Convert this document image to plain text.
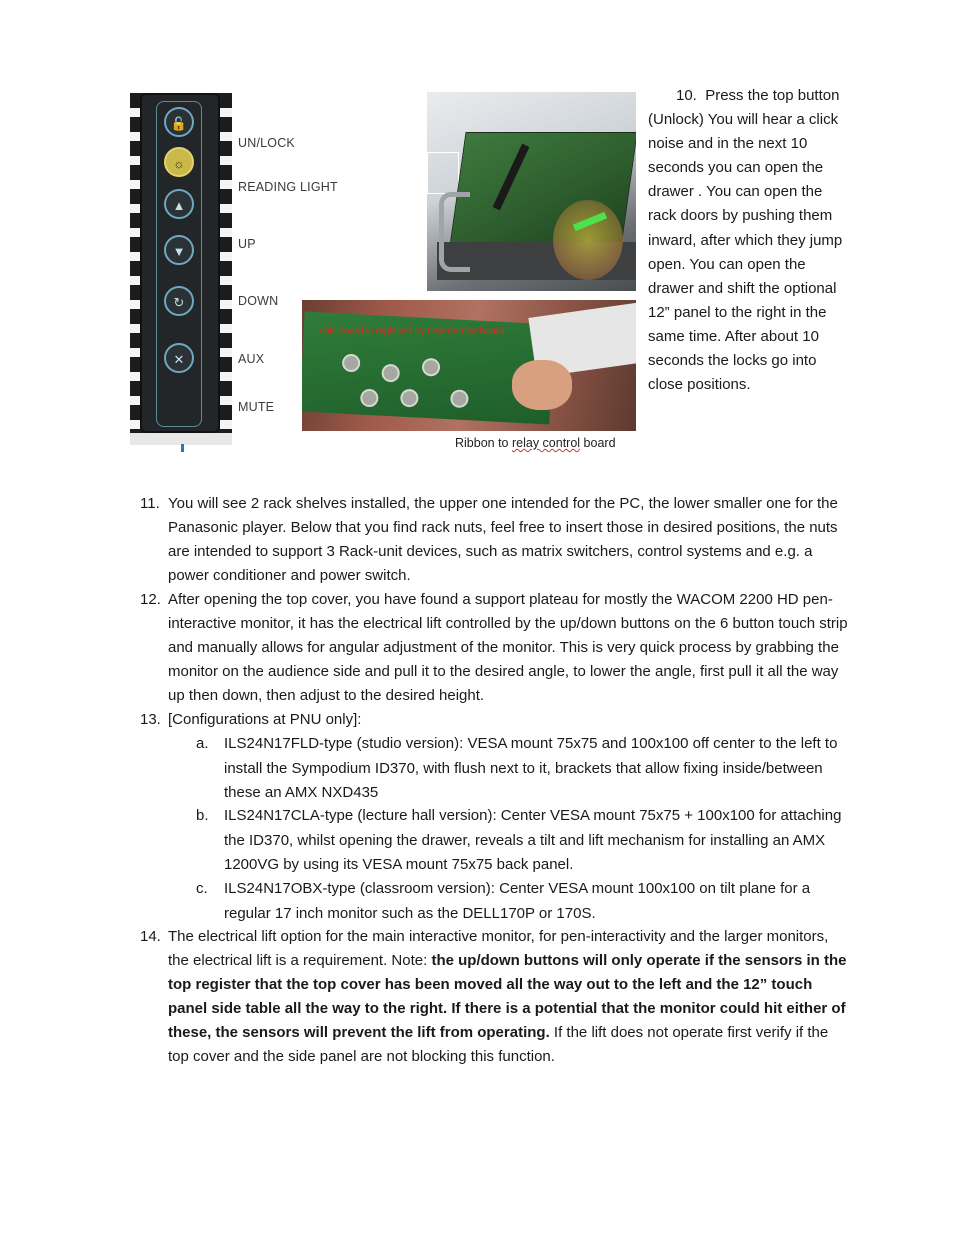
🔓
☼
▲
▼
↻
✕
UN/LOCK
READING LIGHT
UP
DOWN
AUX
MUTE
This board is replaced by new narrow board
Ribbon to relay control board

10. Press the top button (Unlock) You will hear a click noise and in the next 10 seconds you can open the drawer . You can open the rack doors by pushing them inward, after which they jump open. You can open the drawer and shift the optional 12” panel to the right in the same time. After about 10 seconds the locks go into close positions.

11. You will see 2 rack shelves installed, the upper one intended for the PC, the lower smaller one for the Panasonic player. Below that you find rack nuts, feel free to insert those in desired positions, the nuts are intended to support 3 Rack-unit devices, such as matrix switchers, control systems and e.g. a power conditioner and power switch.
12. After opening the top cover, you have found a support plateau for mostly the WACOM 2200 HD pen-interactive monitor, it has the electrical lift controlled by the up/down buttons on the 6 button touch strip and manually allows for angular adjustment of the monitor. This is very quick process by grabbing the monitor on the audience side and pull it to the desired angle, to lower the angle, first pull it all the way up then down, then adjust to the desired height.
13. [Configurations at PNU only]:
a. ILS24N17FLD-type (studio version): VESA mount 75x75 and 100x100 off center to the left to install the Sympodium ID370, with flush next to it, brackets that allow fixing inside/between these an AMX NXD435
b. ILS24N17CLA-type (lecture hall version): Center VESA mount 75x75 + 100x100 for attaching the ID370, whilst opening the drawer, reveals a tilt and lift mechanism for installing an AMX 1200VG by using its VESA mount 75x75 back panel.
c. ILS24N17OBX-type (classroom version): Center VESA mount 100x100 on tilt plane for a regular 17 inch monitor such as the DELL170P or 170S.
14. The electrical lift option for the main interactive monitor, for pen-interactivity and the larger monitors, the electrical lift is a requirement. Note: the up/down buttons will only operate if the sensors in the top register that the top cover has been moved all the way out to the left and the 12” touch panel side table all the way to the right. If there is a potential that the monitor could hit either of these, the sensors will prevent the lift from operating. If the lift does not operate first verify if the top cover and the side panel are not blocking this function.
